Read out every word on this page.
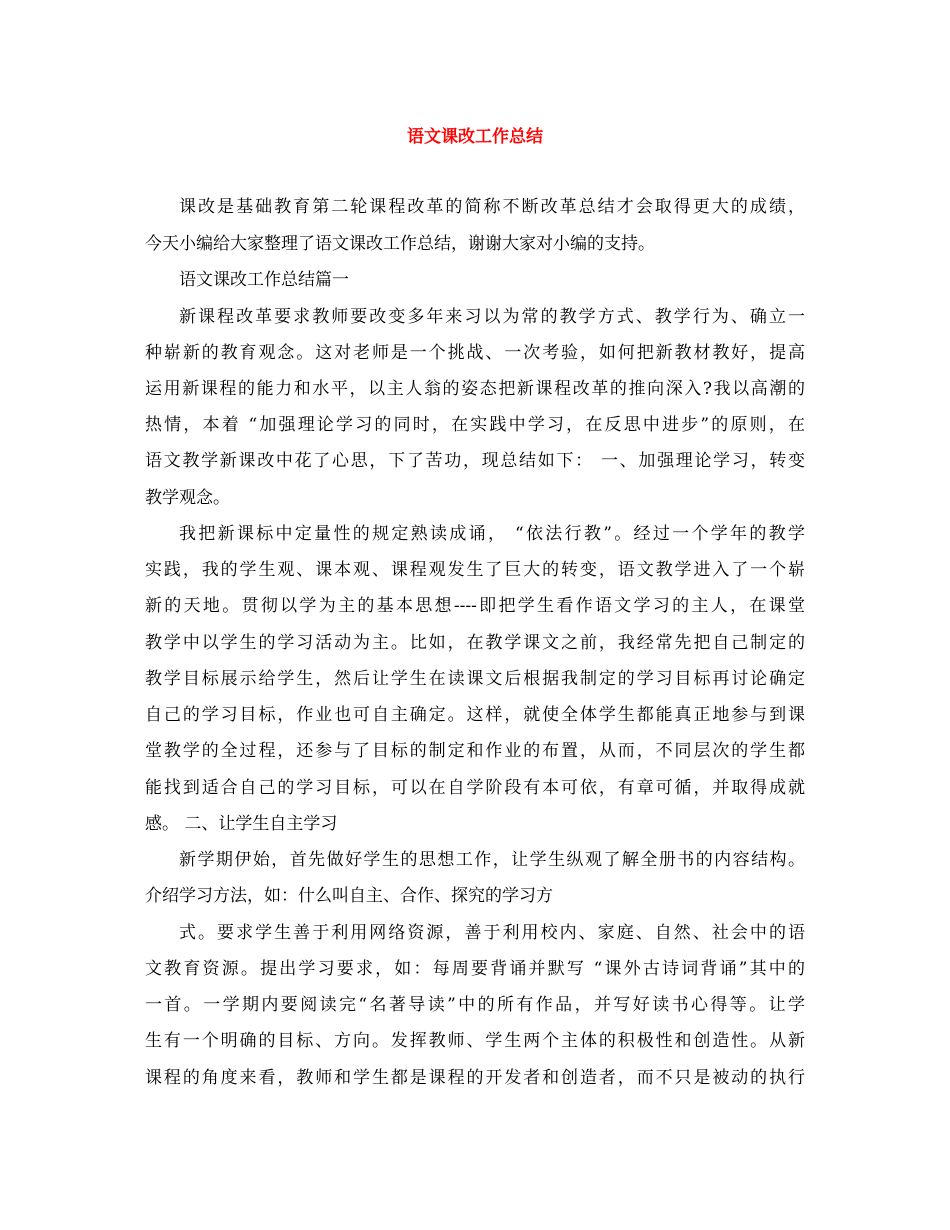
语文课改工作总结

课改是基础教育第二轮课程改革的简称不断改革总结才会取得更大的成绩，

今天小编给大家整理了语文课改工作总结，谢谢大家对小编的支持。

语文课改工作总结篇一

新课程改革要求教师要改变多年来习以为常的教学方式、教学行为、确立一

种崭新的教育观念。这对老师是一个挑战、一次考验，如何把新教材教好，提高

运用新课程的能力和水平，以主人翁的姿态把新课程改革的推向深入?我以高潮的

热情，本着 “加强理论学习的同时，在实践中学习，在反思中进步”的原则，在

语文教学新课改中花了心思，下了苦功，现总结如下： 一、加强理论学习，转变

教学观念。

我把新课标中定量性的规定熟读成诵， “依法行教”。经过一个学年的教学

实践，我的学生观、课本观、课程观发生了巨大的转变，语文教学进入了一个崭

新的天地。贯彻以学为主的基本思想----即把学生看作语文学习的主人，在课堂

教学中以学生的学习活动为主。比如，在教学课文之前，我经常先把自己制定的

教学目标展示给学生，然后让学生在读课文后根据我制定的学习目标再讨论确定

自己的学习目标，作业也可自主确定。这样，就使全体学生都能真正地参与到课

堂教学的全过程，还参与了目标的制定和作业的布置，从而，不同层次的学生都

能找到适合自己的学习目标，可以在自学阶段有本可依，有章可循，并取得成就

感。 二、让学生自主学习

新学期伊始，首先做好学生的思想工作，让学生纵观了解全册书的内容结构。

介绍学习方法，如：什么叫自主、合作、探究的学习方

式。要求学生善于利用网络资源，善于利用校内、家庭、自然、社会中的语

文教育资源。提出学习要求，如：每周要背诵并默写 “课外古诗词背诵”其中的

一首。一学期内要阅读完“名著导读”中的所有作品，并写好读书心得等。让学

生有一个明确的目标、方向。发挥教师、学生两个主体的积极性和创造性。从新

课程的角度来看，教师和学生都是课程的开发者和创造者，而不只是被动的执行
